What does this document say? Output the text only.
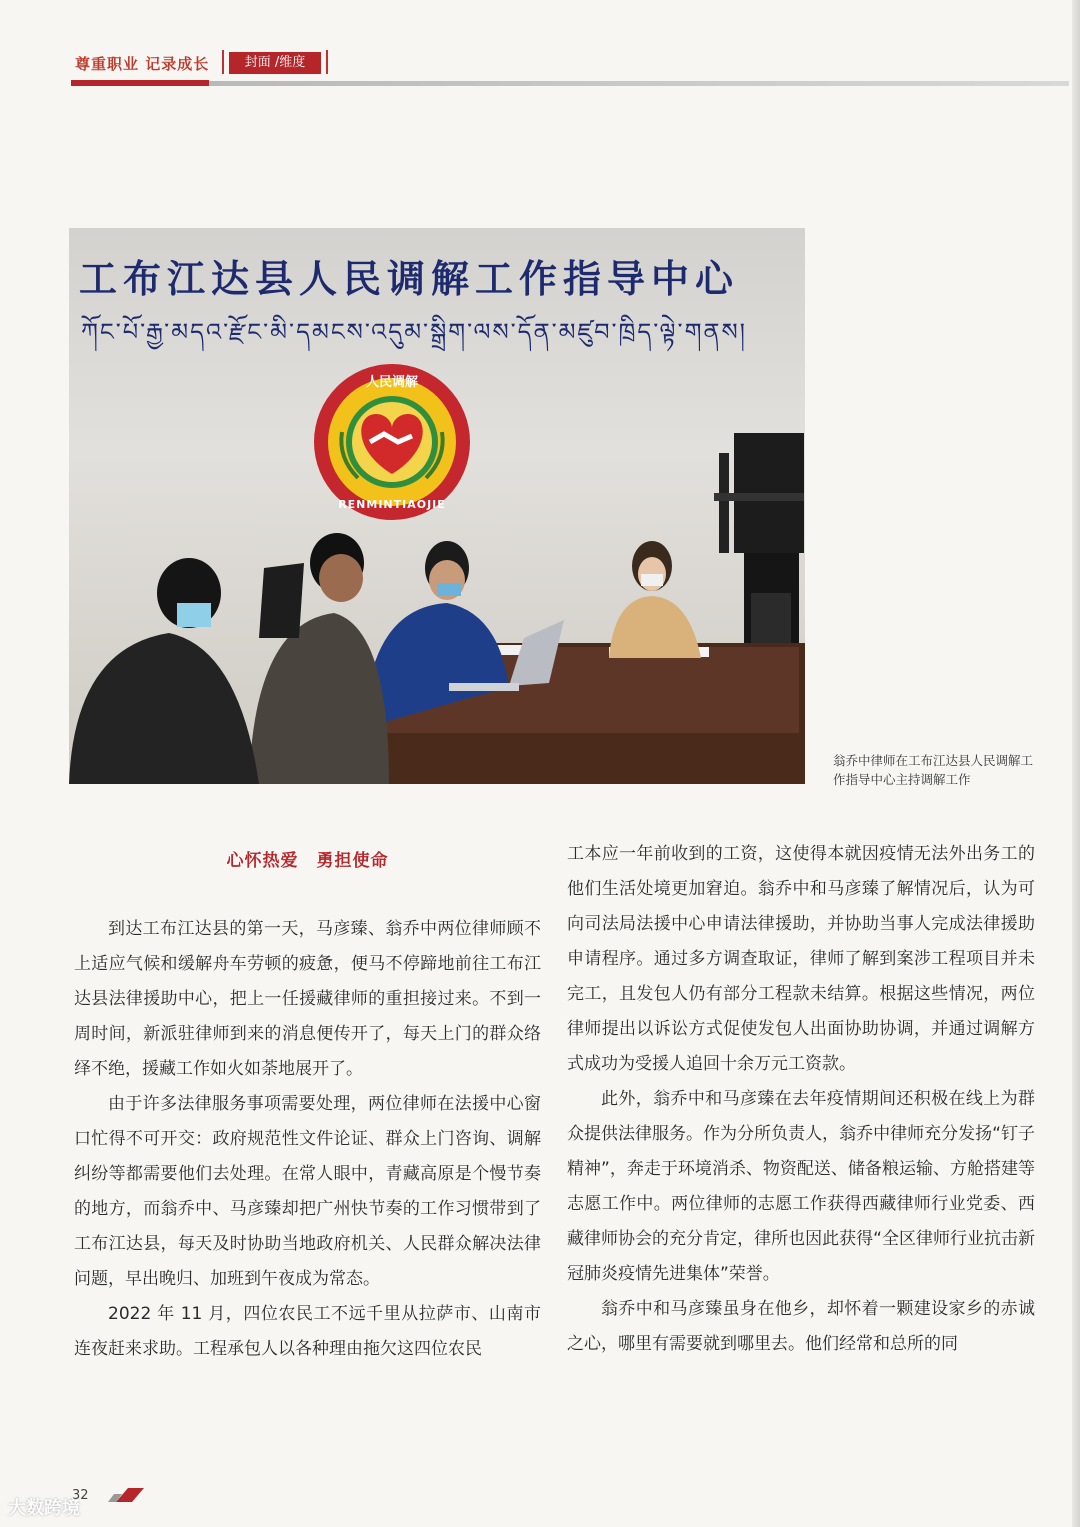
尊重职业 记录成长	封面 /维度
工布江达县人民调解工作指导中心
ཀོང་པོ་རྒྱ་མདའ་རྫོང་མི་དམངས་འདུམ་སྒྲིག་ལས་དོན་མཛུབ་ཁྲིད་ལྟེ་གནས།
人民调解
RENMINTIAOJIE
翁乔中律师在工布江达县人民调解工作指导中心主持调解工作
心怀热爱　勇担使命

到达工布江达县的第一天，马彦臻、翁乔中两位律师顾不上适应气候和缓解舟车劳顿的疲惫，便马不停蹄地前往工布江达县法律援助中心，把上一任援藏律师的重担接过来。不到一周时间，新派驻律师到来的消息便传开了，每天上门的群众络绎不绝，援藏工作如火如荼地展开了。

由于许多法律服务事项需要处理，两位律师在法援中心窗口忙得不可开交：政府规范性文件论证、群众上门咨询、调解纠纷等都需要他们去处理。在常人眼中，青藏高原是个慢节奏的地方，而翁乔中、马彦臻却把广州快节奏的工作习惯带到了工布江达县，每天及时协助当地政府机关、人民群众解决法律问题，早出晚归、加班到午夜成为常态。

2022 年 11 月，四位农民工不远千里从拉萨市、山南市连夜赶来求助。工程承包人以各种理由拖欠这四位农民

工本应一年前收到的工资，这使得本就因疫情无法外出务工的他们生活处境更加窘迫。翁乔中和马彦臻了解情况后，认为可向司法局法援中心申请法律援助，并协助当事人完成法律援助申请程序。通过多方调查取证，律师了解到案涉工程项目并未完工，且发包人仍有部分工程款未结算。根据这些情况，两位律师提出以诉讼方式促使发包人出面协助协调，并通过调解方式成功为受援人追回十余万元工资款。

此外，翁乔中和马彦臻在去年疫情期间还积极在线上为群众提供法律服务。作为分所负责人，翁乔中律师充分发扬“钉子精神”，奔走于环境消杀、物资配送、储备粮运输、方舱搭建等志愿工作中。两位律师的志愿工作获得西藏律师行业党委、西藏律师协会的充分肯定，律所也因此获得“全区律师行业抗击新冠肺炎疫情先进集体”荣誉。

翁乔中和马彦臻虽身在他乡，却怀着一颗建设家乡的赤诚之心，哪里有需要就到哪里去。他们经常和总所的同

32
大数跨境
